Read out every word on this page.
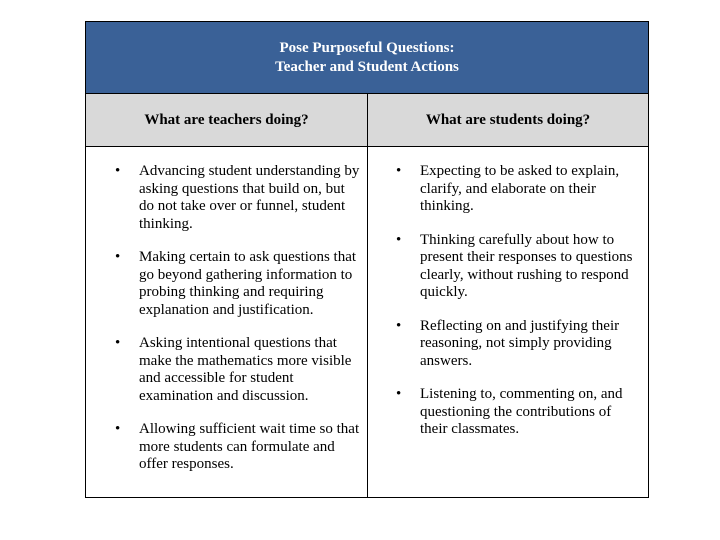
Pose Purposeful Questions:
Teacher and Student Actions
What are teachers doing?	What are students doing?
• Advancing student understanding by asking questions that build on, but do not take over or funnel, student thinking.
• Making certain to ask questions that go beyond gathering information to probing thinking and requiring explanation and justification.
• Asking intentional questions that make the mathematics more visible and accessible for student examination and discussion.
• Allowing sufficient wait time so that more students can formulate and offer responses.
• Expecting to be asked to explain, clarify, and elaborate on their thinking.
• Thinking carefully about how to present their responses to questions clearly, without rushing to respond quickly.
• Reflecting on and justifying their reasoning, not simply providing answers.
• Listening to, commenting on, and questioning the contributions of their classmates.
